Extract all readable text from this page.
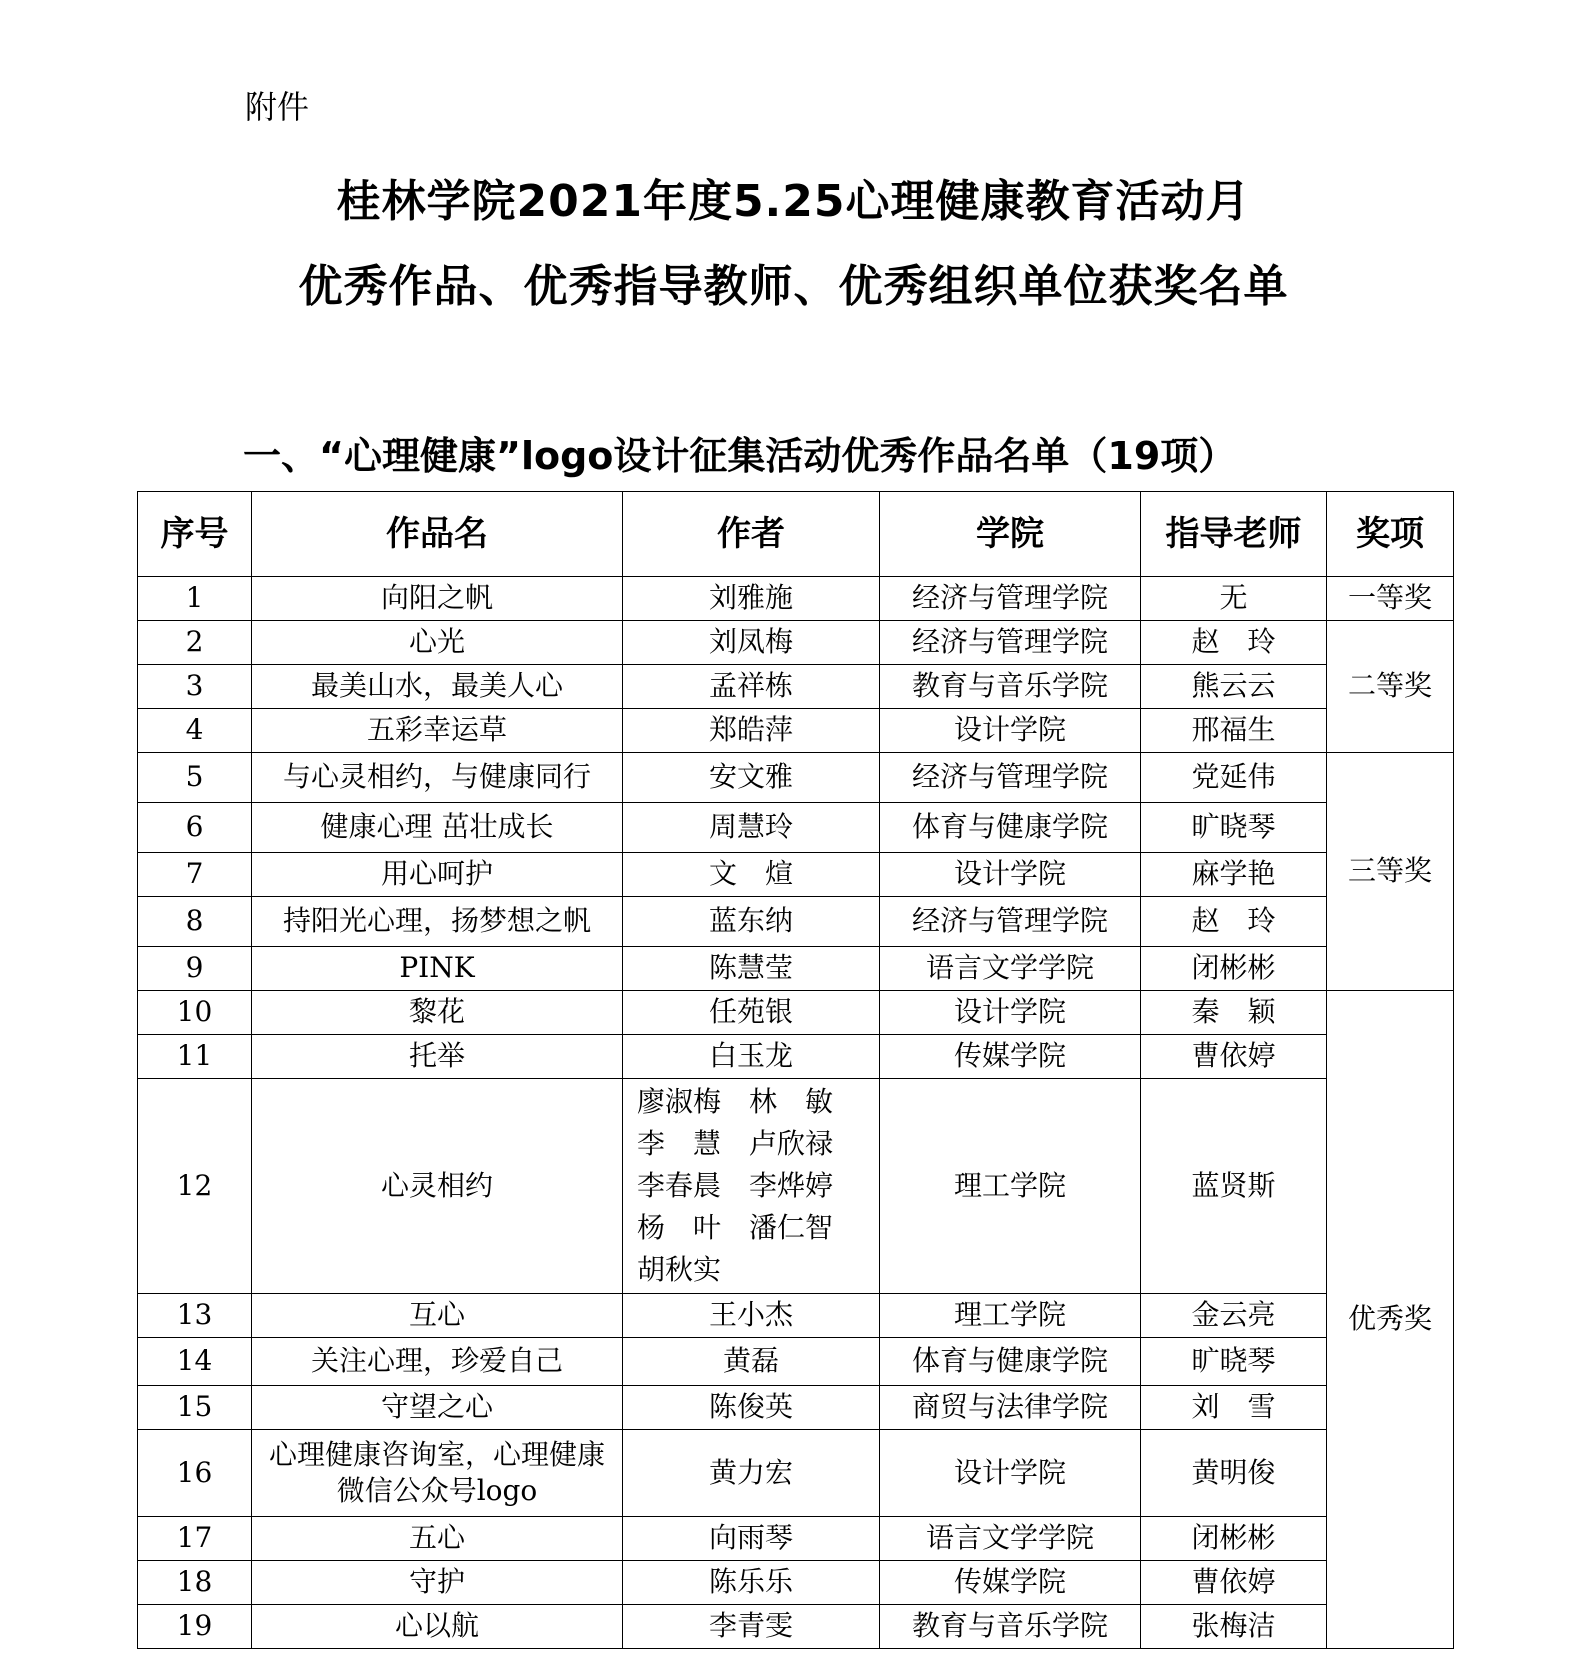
附件
桂林学院2021年度5.25心理健康教育活动月
优秀作品、优秀指导教师、优秀组织单位获奖名单
一、“心理健康”logo设计征集活动优秀作品名单（19项）
序号	作品名	作者	学院	指导老师	奖项
1	向阳之帆	刘雅施	经济与管理学院	无	一等奖
2	心光	刘凤梅	经济与管理学院	赵　玲	二等奖
3	最美山水，最美人心	孟祥栋	教育与音乐学院	熊云云	
4	五彩幸运草	郑皓萍	设计学院	邢福生	
5	与心灵相约，与健康同行	安文雅	经济与管理学院	党延伟	三等奖
6	健康心理 茁壮成长	周慧玲	体育与健康学院	旷晓琴	
7	用心呵护	文　煊	设计学院	麻学艳	
8	持阳光心理，扬梦想之帆	蓝东纳	经济与管理学院	赵　玲	
9	PINK	陈慧莹	语言文学学院	闭彬彬	
10	黎花	任苑银	设计学院	秦　颖	优秀奖
11	托举	白玉龙	传媒学院	曹依婷	
12	心灵相约	廖淑梅　林　敏
李　慧　卢欣禄
李春晨　李烨婷
杨　叶　潘仁智
胡秋实	理工学院	蓝贤斯	
13	互心	王小杰	理工学院	金云亮	
14	关注心理，珍爱自己	黄磊	体育与健康学院	旷晓琴	
15	守望之心	陈俊英	商贸与法律学院	刘　雪	
16	心理健康咨询室，心理健康微信公众号logo	黄力宏	设计学院	黄明俊	
17	五心	向雨琴	语言文学学院	闭彬彬	
18	守护	陈乐乐	传媒学院	曹依婷	
19	心以航	李青雯	教育与音乐学院	张梅洁	
